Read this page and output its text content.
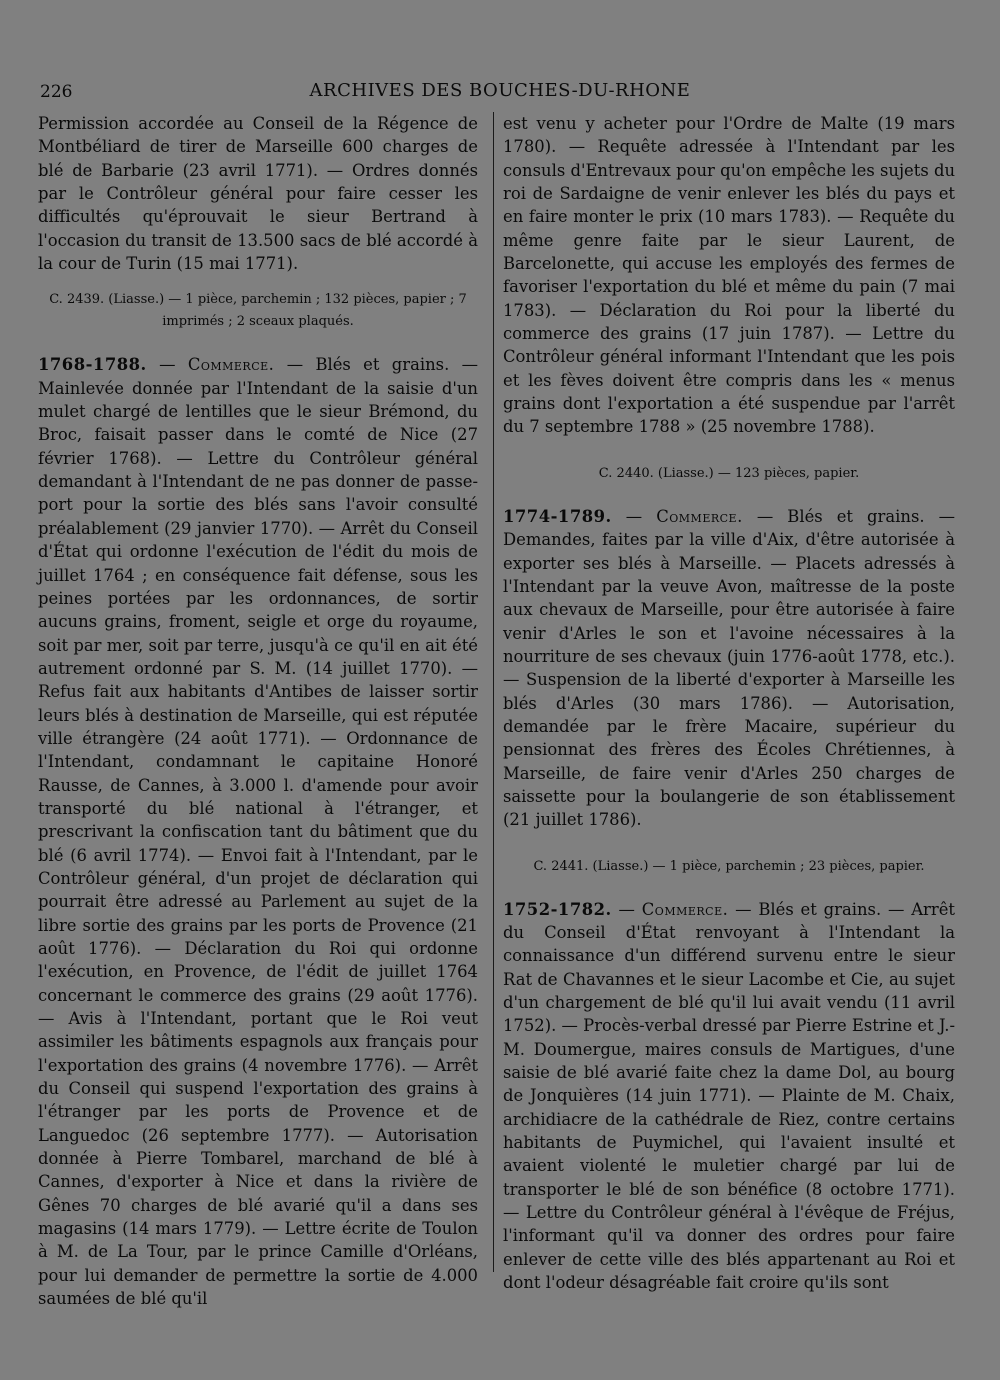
226	ARCHIVES DES BOUCHES-DU-RHONE

Permission accordée au Conseil de la Régence de Montbéliard de tirer de Marseille 600 charges de blé de Barbarie (23 avril 1771). — Ordres donnés par le Contrôleur général pour faire cesser les difficultés qu'éprouvait le sieur Bertrand à l'occasion du transit de 13.500 sacs de blé accordé à la cour de Turin (15 mai 1771).

C. 2439. (Liasse.) — 1 pièce, parchemin ; 132 pièces, papier ; 7 imprimés ; 2 sceaux plaqués.

1768-1788. — Commerce. — Blés et grains. — Mainlevée donnée par l'Intendant de la saisie d'un mulet chargé de lentilles que le sieur Brémond, du Broc, faisait passer dans le comté de Nice (27 février 1768). — Lettre du Contrôleur général demandant à l'Intendant de ne pas donner de passe-port pour la sortie des blés sans l'avoir consulté préalablement (29 janvier 1770). — Arrêt du Conseil d'État qui ordonne l'exécution de l'édit du mois de juillet 1764 ; en conséquence fait défense, sous les peines portées par les ordonnances, de sortir aucuns grains, froment, seigle et orge du royaume, soit par mer, soit par terre, jusqu'à ce qu'il en ait été autrement ordonné par S. M. (14 juillet 1770). — Refus fait aux habitants d'Antibes de laisser sortir leurs blés à destination de Marseille, qui est réputée ville étrangère (24 août 1771). — Ordonnance de l'Intendant, condamnant le capitaine Honoré Rausse, de Cannes, à 3.000 l. d'amende pour avoir transporté du blé national à l'étranger, et prescrivant la confiscation tant du bâtiment que du blé (6 avril 1774). — Envoi fait à l'Intendant, par le Contrôleur général, d'un projet de déclaration qui pourrait être adressé au Parlement au sujet de la libre sortie des grains par les ports de Provence (21 août 1776). — Déclaration du Roi qui ordonne l'exécution, en Provence, de l'édit de juillet 1764 concernant le commerce des grains (29 août 1776). — Avis à l'Intendant, portant que le Roi veut assimiler les bâtiments espagnols aux français pour l'exportation des grains (4 novembre 1776). — Arrêt du Conseil qui suspend l'exportation des grains à l'étranger par les ports de Provence et de Languedoc (26 septembre 1777). — Autorisation donnée à Pierre Tombarel, marchand de blé à Cannes, d'exporter à Nice et dans la rivière de Gênes 70 charges de blé avarié qu'il a dans ses magasins (14 mars 1779). — Lettre écrite de Toulon à M. de La Tour, par le prince Camille d'Orléans, pour lui demander de permettre la sortie de 4.000 saumées de blé qu'il

est venu y acheter pour l'Ordre de Malte (19 mars 1780). — Requête adressée à l'Intendant par les consuls d'Entrevaux pour qu'on empêche les sujets du roi de Sardaigne de venir enlever les blés du pays et en faire monter le prix (10 mars 1783). — Requête du même genre faite par le sieur Laurent, de Barcelonette, qui accuse les employés des fermes de favoriser l'exportation du blé et même du pain (7 mai 1783). — Déclaration du Roi pour la liberté du commerce des grains (17 juin 1787). — Lettre du Contrôleur général informant l'Intendant que les pois et les fèves doivent être compris dans les « menus grains dont l'exportation a été suspendue par l'arrêt du 7 septembre 1788 » (25 novembre 1788).

C. 2440. (Liasse.) — 123 pièces, papier.

1774-1789. — Commerce. — Blés et grains. — Demandes, faites par la ville d'Aix, d'être autorisée à exporter ses blés à Marseille. — Placets adressés à l'Intendant par la veuve Avon, maîtresse de la poste aux chevaux de Marseille, pour être autorisée à faire venir d'Arles le son et l'avoine nécessaires à la nourriture de ses chevaux (juin 1776-août 1778, etc.). — Suspension de la liberté d'exporter à Marseille les blés d'Arles (30 mars 1786). — Autorisation, demandée par le frère Macaire, supérieur du pensionnat des frères des Écoles Chrétiennes, à Marseille, de faire venir d'Arles 250 charges de saissette pour la boulangerie de son établissement (21 juillet 1786).

C. 2441. (Liasse.) — 1 pièce, parchemin ; 23 pièces, papier.

1752-1782. — Commerce. — Blés et grains. — Arrêt du Conseil d'État renvoyant à l'Intendant la connaissance d'un différend survenu entre le sieur Rat de Chavannes et le sieur Lacombe et Cie, au sujet d'un chargement de blé qu'il lui avait vendu (11 avril 1752). — Procès-verbal dressé par Pierre Estrine et J.-M. Doumergue, maires consuls de Martigues, d'une saisie de blé avarié faite chez la dame Dol, au bourg de Jonquières (14 juin 1771). — Plainte de M. Chaix, archidiacre de la cathédrale de Riez, contre certains habitants de Puymichel, qui l'avaient insulté et avaient violenté le muletier chargé par lui de transporter le blé de son bénéfice (8 octobre 1771). — Lettre du Contrôleur général à l'évêque de Fréjus, l'informant qu'il va donner des ordres pour faire enlever de cette ville des blés appartenant au Roi et dont l'odeur désagréable fait croire qu'ils sont
